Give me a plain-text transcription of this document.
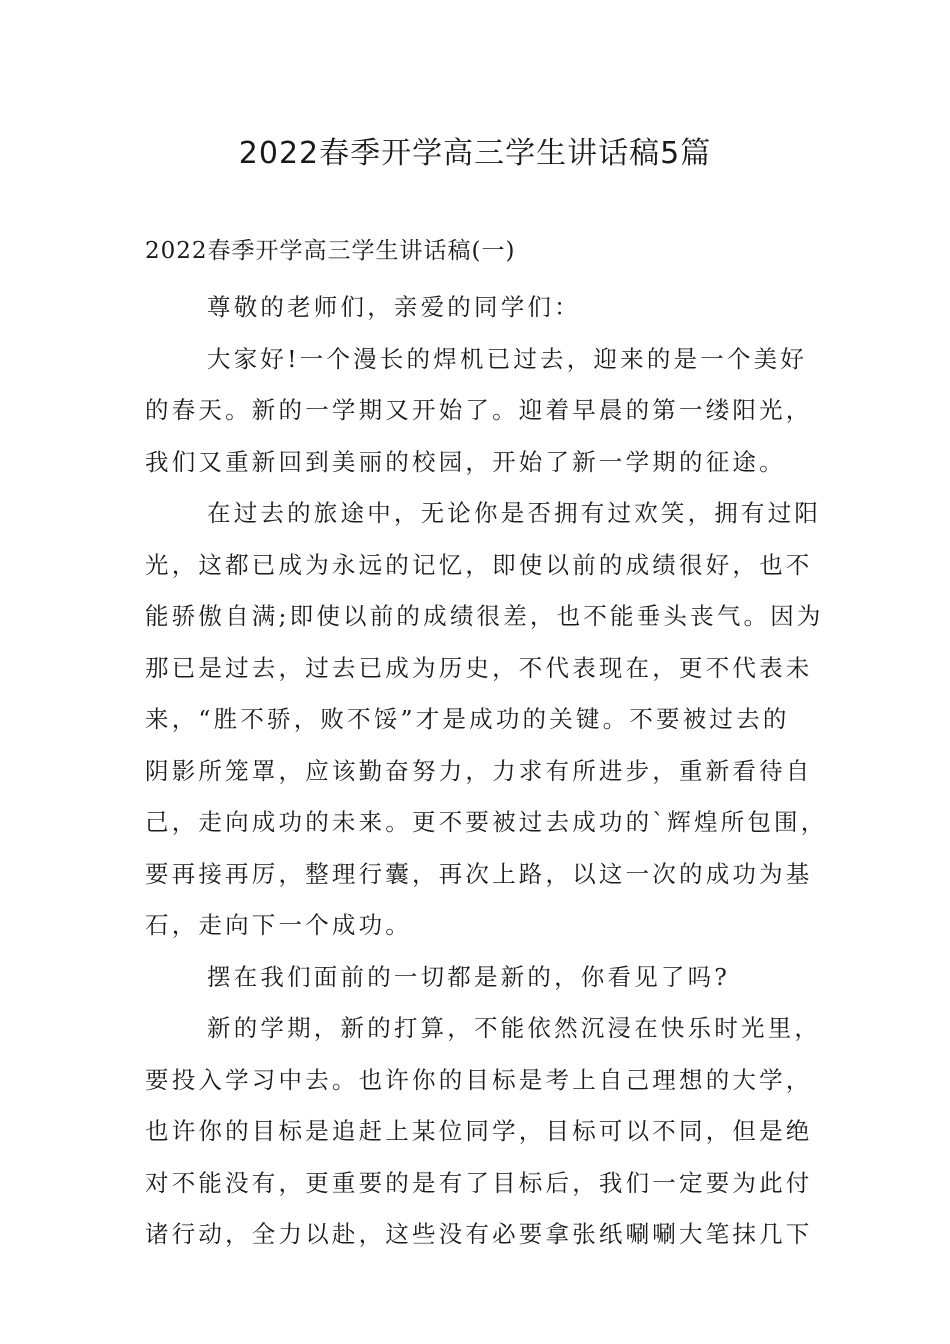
2022春季开学高三学生讲话稿5篇
2022春季开学高三学生讲话稿(一)
尊敬的老师们，亲爱的同学们：
大家好!一个漫长的焊机已过去，迎来的是一个美好
的春天。新的一学期又开始了。迎着早晨的第一缕阳光，
我们又重新回到美丽的校园，开始了新一学期的征途。
在过去的旅途中，无论你是否拥有过欢笑，拥有过阳
光，这都已成为永远的记忆，即使以前的成绩很好，也不
能骄傲自满;即使以前的成绩很差，也不能垂头丧气。因为
那已是过去，过去已成为历史，不代表现在，更不代表未
来，“胜不骄，败不馁”才是成功的关键。不要被过去的
阴影所笼罩，应该勤奋努力，力求有所进步，重新看待自
己，走向成功的未来。更不要被过去成功的`辉煌所包围，
要再接再厉，整理行囊，再次上路，以这一次的成功为基
石，走向下一个成功。
摆在我们面前的一切都是新的，你看见了吗?
新的学期，新的打算，不能依然沉浸在快乐时光里，
要投入学习中去。也许你的目标是考上自己理想的大学，
也许你的目标是追赶上某位同学，目标可以不同，但是绝
对不能没有，更重要的是有了目标后，我们一定要为此付
诸行动，全力以赴，这些没有必要拿张纸唰唰大笔抹几下
